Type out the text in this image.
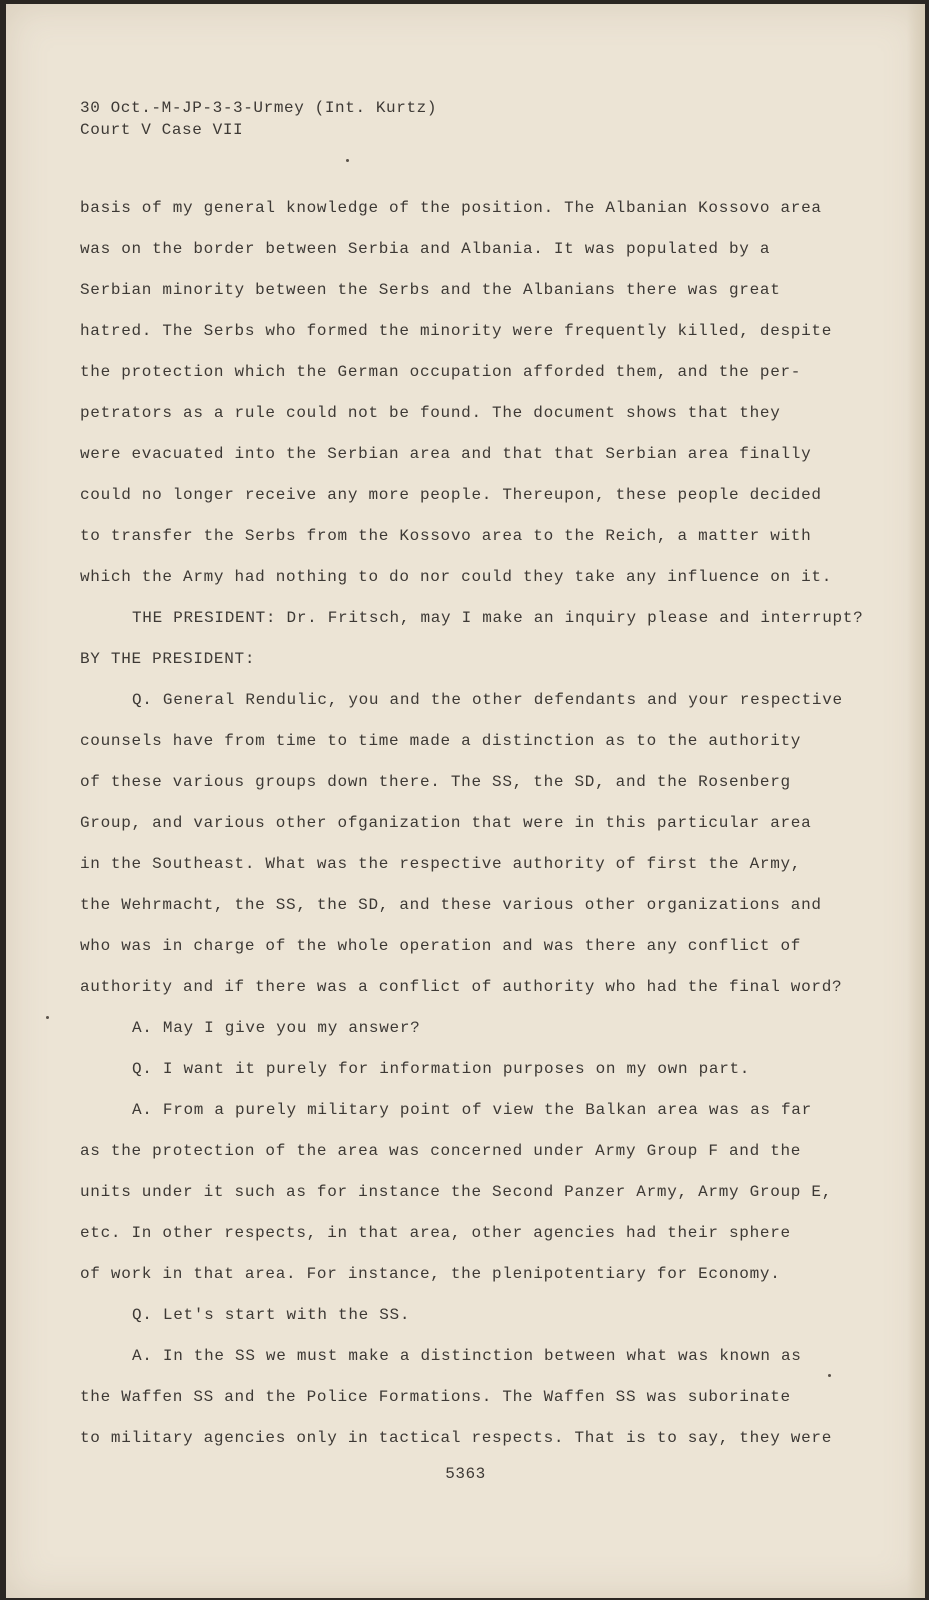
30 Oct.-M-JP-3-3-Urmey (Int. Kurtz)
Court V Case VII
basis of my general knowledge of the position. The Albanian Kossovo area
was on the border between Serbia and Albania. It was populated by a
Serbian minority between the Serbs and the Albanians there was great
hatred. The Serbs who formed the minority were frequently killed, despite
the protection which the German occupation afforded them, and the per-
petrators as a rule could not be found. The document shows that they
were evacuated into the Serbian area and that that Serbian area finally
could no longer receive any more people. Thereupon, these people decided
to transfer the Serbs from the Kossovo area to the Reich, a matter with
which the Army had nothing to do nor could they take any influence on it.
THE PRESIDENT: Dr. Fritsch, may I make an inquiry please and interrupt?
BY THE PRESIDENT:
Q. General Rendulic, you and the other defendants and your respective
counsels have from time to time made a distinction as to the authority
of these various groups down there. The SS, the SD, and the Rosenberg
Group, and various other ofganization that were in this particular area
in the Southeast. What was the respective authority of first the Army,
the Wehrmacht, the SS, the SD, and these various other organizations and
who was in charge of the whole operation and was there any conflict of
authority and if there was a conflict of authority who had the final word?
A. May I give you my answer?
Q. I want it purely for information purposes on my own part.
A. From a purely military point of view the Balkan area was as far
as the protection of the area was concerned under Army Group F and the
units under it such as for instance the Second Panzer Army, Army Group E,
etc. In other respects, in that area, other agencies had their sphere
of work in that area. For instance, the plenipotentiary for Economy.
Q. Let's start with the SS.
A. In the SS we must make a distinction between what was known as
the Waffen SS and the Police Formations. The Waffen SS was suborinate
to military agencies only in tactical respects. That is to say, they were
5363
